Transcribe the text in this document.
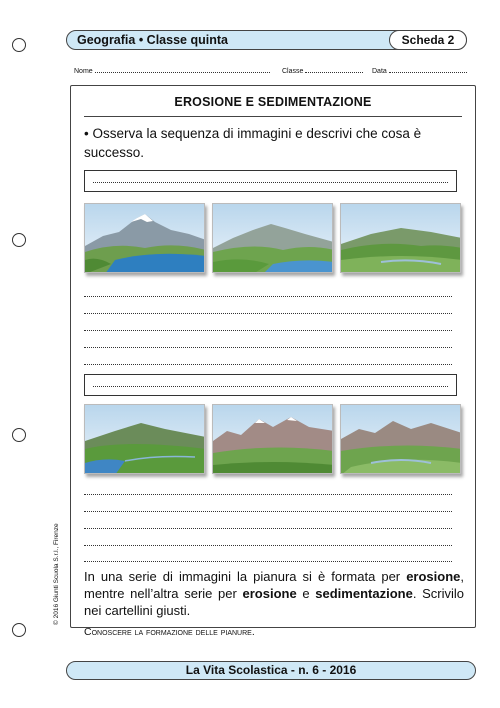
Geografia • Classe quinta	Scheda 2
Nome	Classe	Data
EROSIONE E SEDIMENTAZIONE
• Osserva la sequenza di immagini e descrivi che cosa è successo.
In una serie di immagini la pianura si è formata per erosione, mentre nell’altra serie per erosione e sedimentazione. Scrivilo nei cartellini giusti.
Conoscere la formazione delle pianure.
La Vita Scolastica - n. 6 - 2016
© 2016 Giunti Scuola S.r.l., Firenze
